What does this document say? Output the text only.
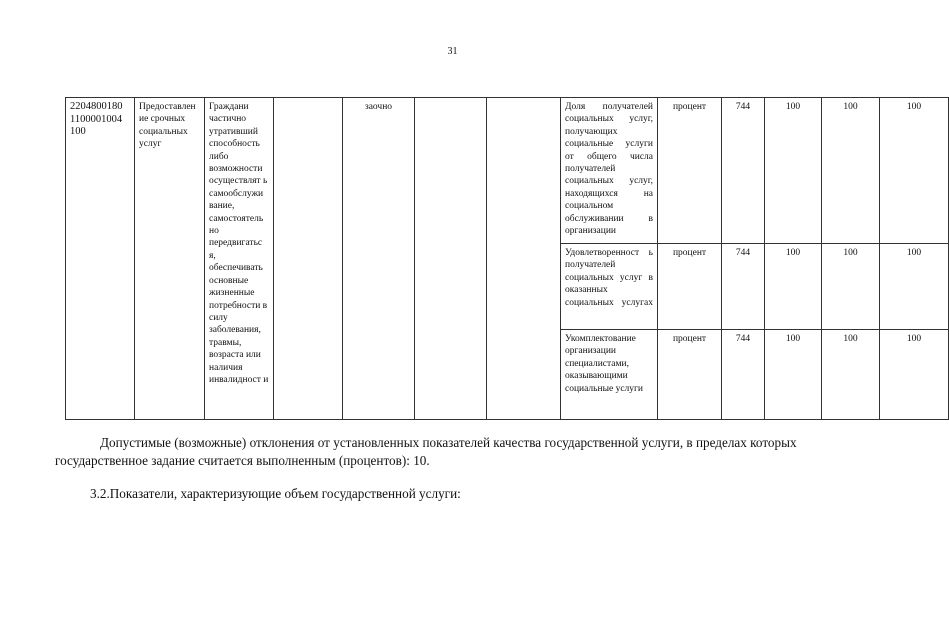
31
2204800180 1100001004 100	Предоставлен ие срочных социальных услуг	Граждани частично утративший способность либо возможности осуществлят ь самообслужи вание, самостоятель но передвигатьс я, обеспечивать основные жизненные потребности в силу заболевания, травмы, возраста или наличия инвалидност и		заочно			Доля получателей социальных услуг, получающих социальные услуги от общего числа получателей социальных услуг, находящихся на социальном обслуживании в организации	процент	744	100	100	100
							Удовлетворенност ь получателей социальных услуг в оказанных социальных услугах	процент	744	100	100	100
							Укомплектование организации специалистами, оказывающими социальные услуги	процент	744	100	100	100
Допустимые (возможные) отклонения от установленных показателей качества государственной услуги, в пределах которых государственное задание считается выполненным (процентов): 10.
3.2.Показатели, характеризующие объем государственной услуги:
